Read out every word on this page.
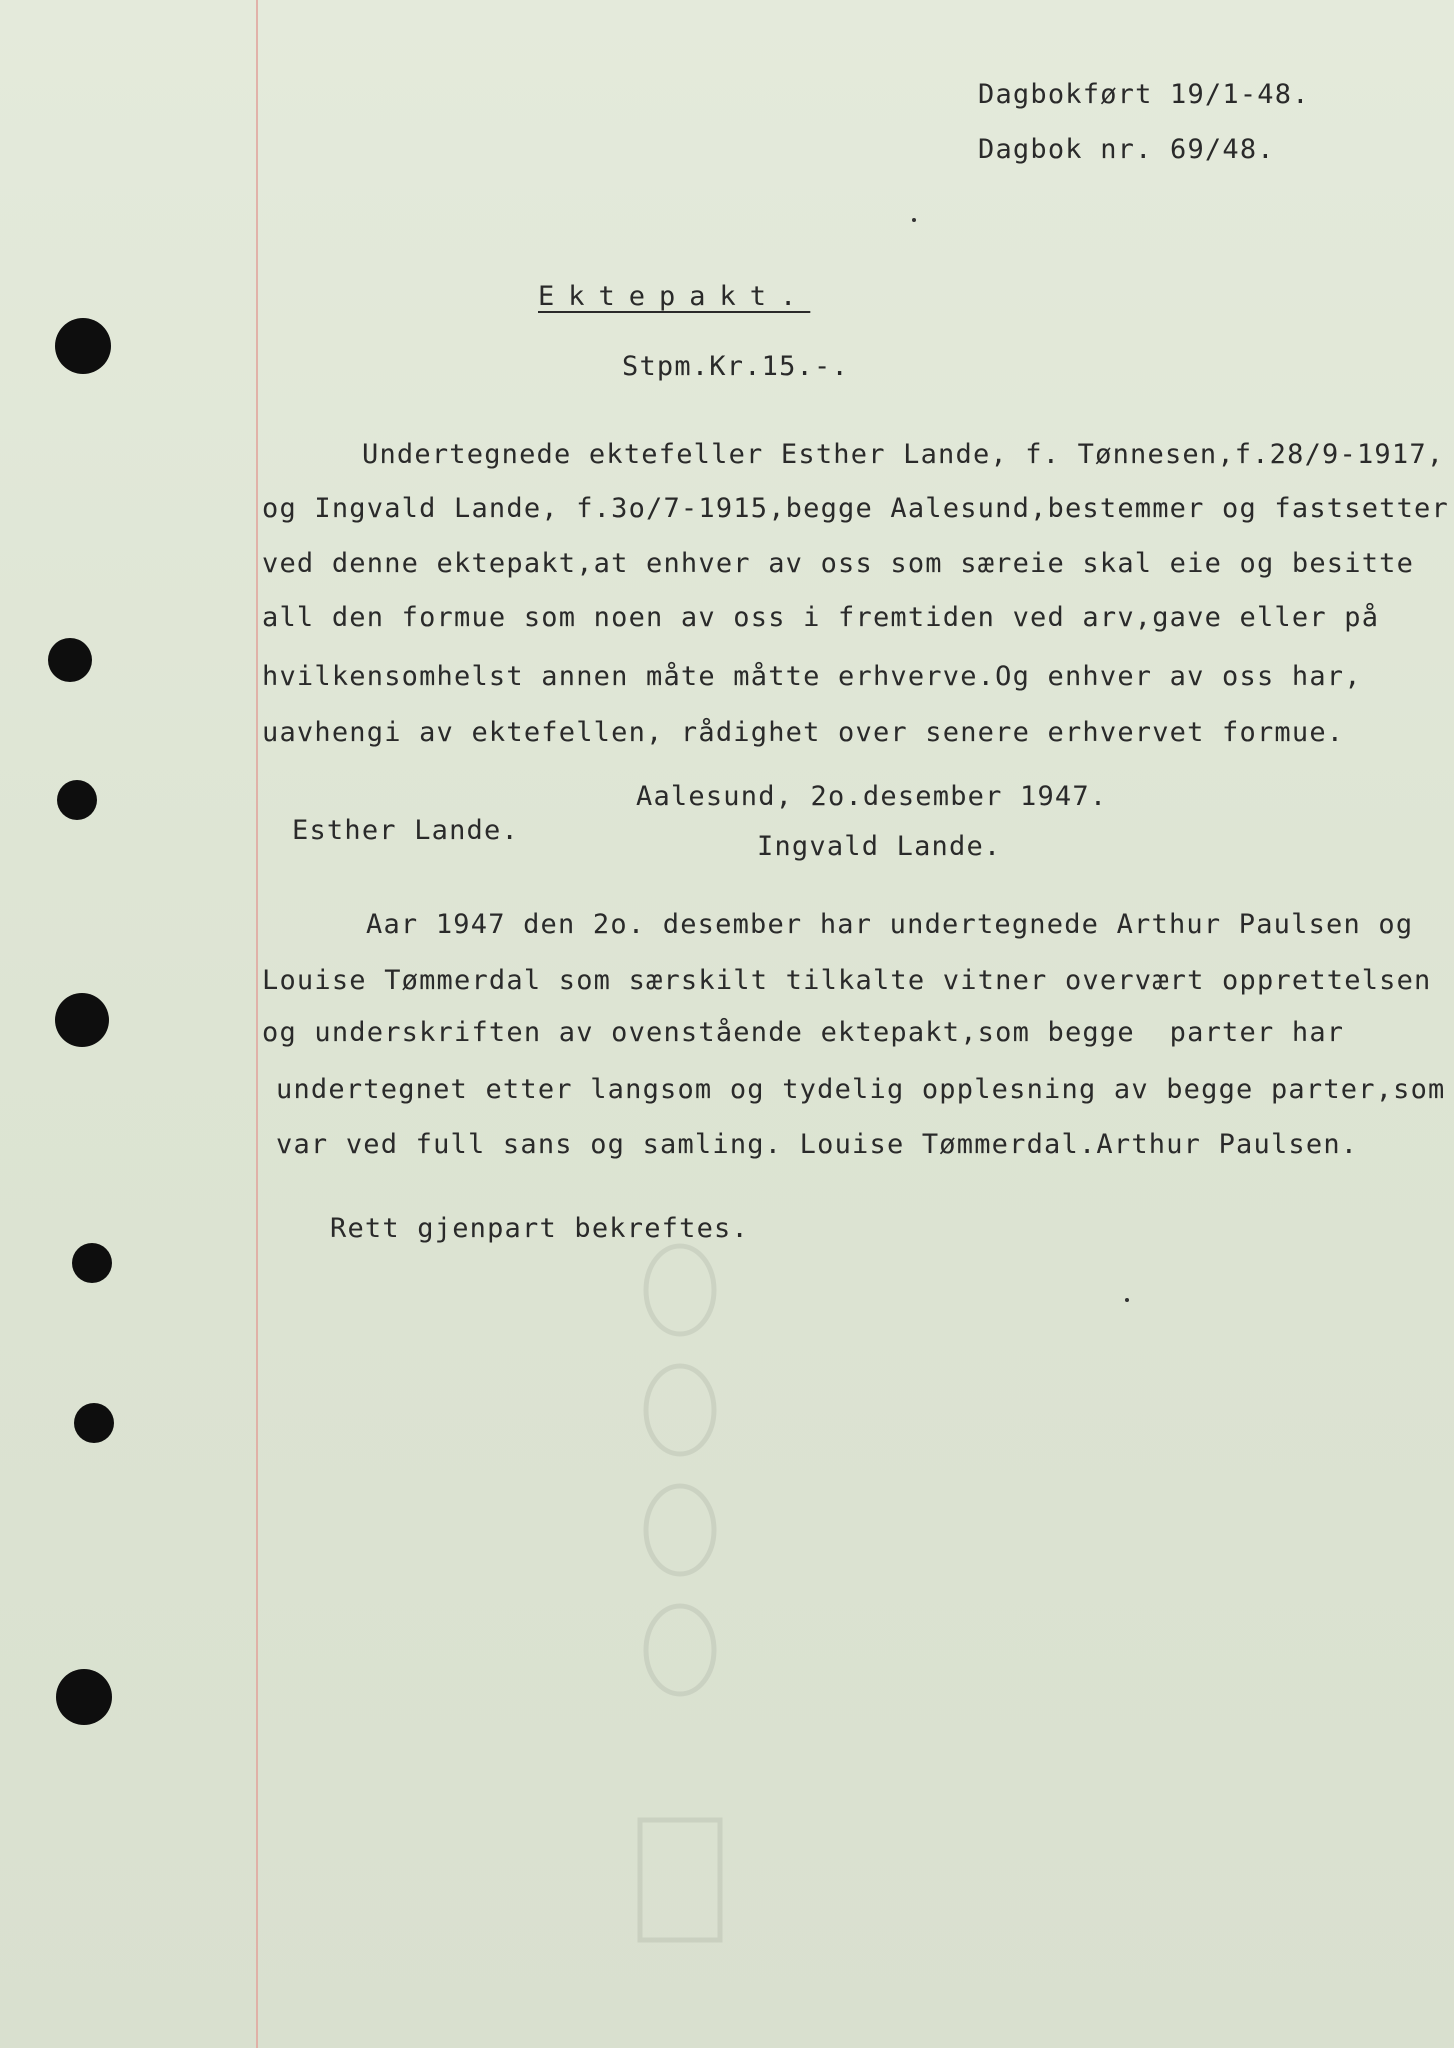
Dagbokført 19/1-48.
Dagbok nr. 69/48.
Ektepakt.
Stpm.Kr.15.-.
Undertegnede ektefeller Esther Lande, f. Tønnesen,f.28/9-1917,
og Ingvald Lande, f.3o/7-1915,begge Aalesund,bestemmer og fastsetter
ved denne ektepakt,at enhver av oss som særeie skal eie og besitte
all den formue som noen av oss i fremtiden ved arv,gave eller på
hvilkensomhelst annen måte måtte erhverve.Og enhver av oss har,
uavhengi av ektefellen, rådighet over senere erhvervet formue.
Aalesund, 2o.desember 1947.
Esther Lande.
Ingvald Lande.
Aar 1947 den 2o. desember har undertegnede Arthur Paulsen og
Louise Tømmerdal som særskilt tilkalte vitner overvært opprettelsen
og underskriften av ovenstående ektepakt,som begge  parter har
undertegnet etter langsom og tydelig opplesning av begge parter,som
var ved full sans og samling. Louise Tømmerdal.Arthur Paulsen.
Rett gjenpart bekreftes.
